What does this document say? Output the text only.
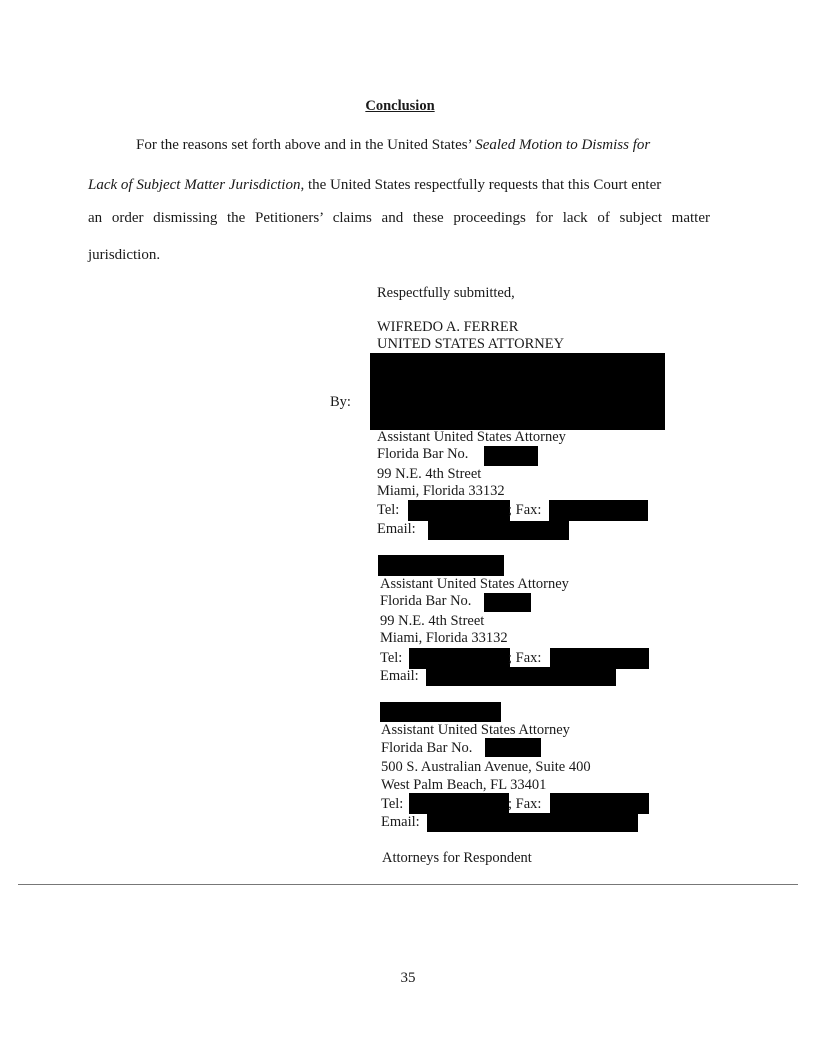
Conclusion
For the reasons set forth above and in the United States’ Sealed Motion to Dismiss for
Lack of Subject Matter Jurisdiction, the United States respectfully requests that this Court enter
an order dismissing the Petitioners’ claims and these proceedings for lack of subject matter
jurisdiction.
Respectfully submitted,
WIFREDO A. FERRER
UNITED STATES ATTORNEY
By:
Assistant United States Attorney
Florida Bar No.
99 N.E. 4th Street
Miami, Florida 33132
Tel:	; Fax:
Email:
Assistant United States Attorney
Florida Bar No.
99 N.E. 4th Street
Miami, Florida 33132
Tel:	; Fax:
Email:
Assistant United States Attorney
Florida Bar No.
500 S. Australian Avenue, Suite 400
West Palm Beach, FL 33401
Tel:	; Fax:
Email:
Attorneys for Respondent
35
